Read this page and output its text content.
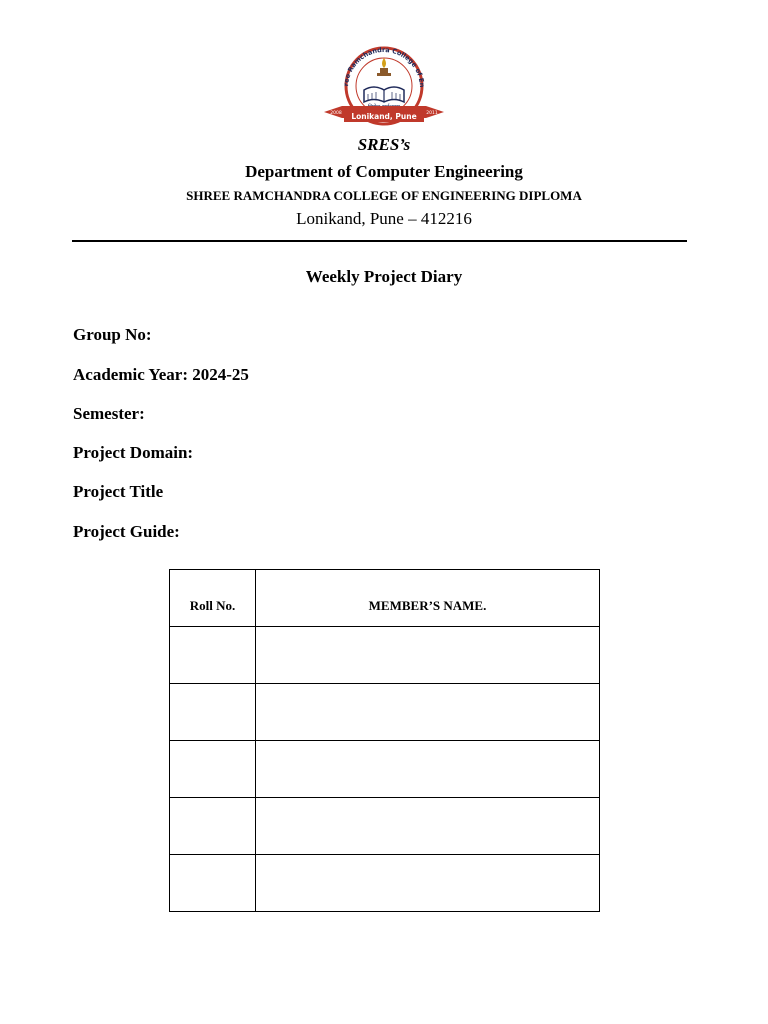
ree Ramchandra College of En
Lonikand, Pune
2008	2011

SRES’s

Department of Computer Engineering

SHREE RAMCHANDRA COLLEGE OF ENGINEERING DIPLOMA

Lonikand, Pune – 412216

Weekly Project Diary

Group No:

Academic Year: 2024-25

Semester:

Project Domain:

Project Title

Project Guide:

Roll No.	MEMBER’S NAME.
